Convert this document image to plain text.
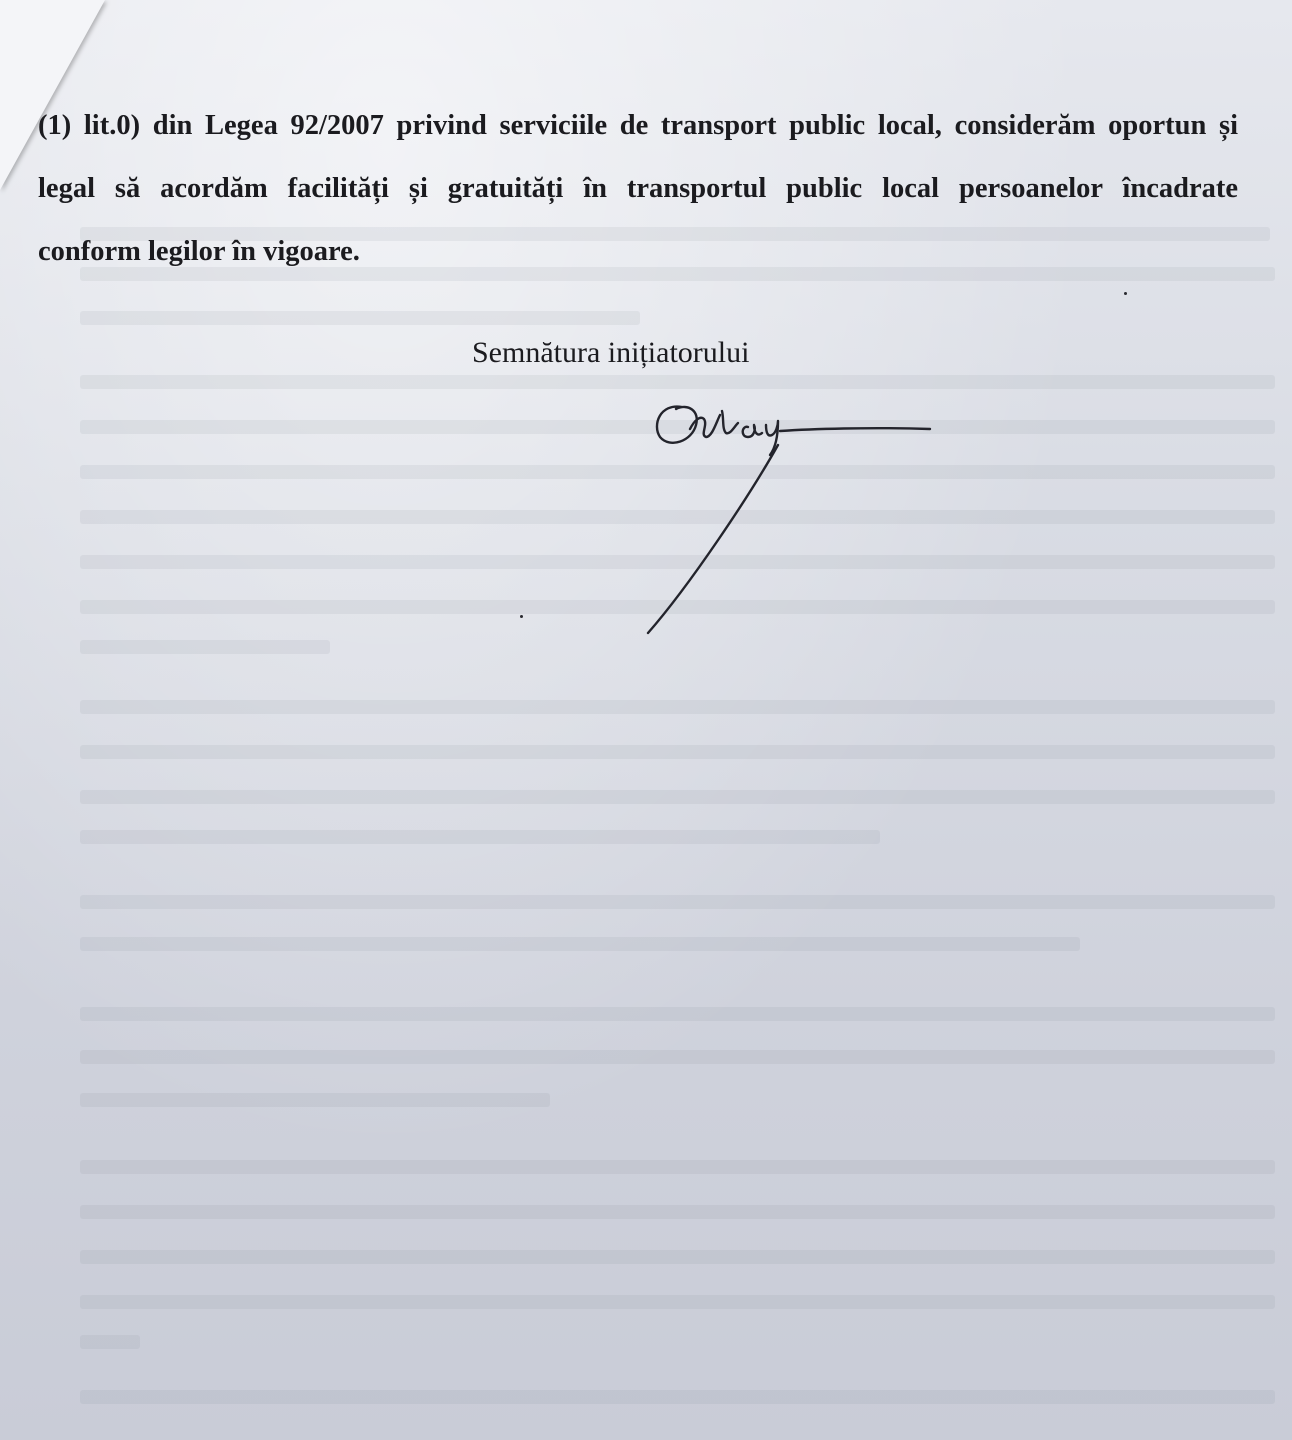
(1) lit.0) din Legea 92/2007 privind serviciile de transport public local, considerăm oportun și
legal să acordăm facilități și gratuități în transportul public local persoanelor încadrate
conform legilor în vigoare.
Semnătura inițiatorului
